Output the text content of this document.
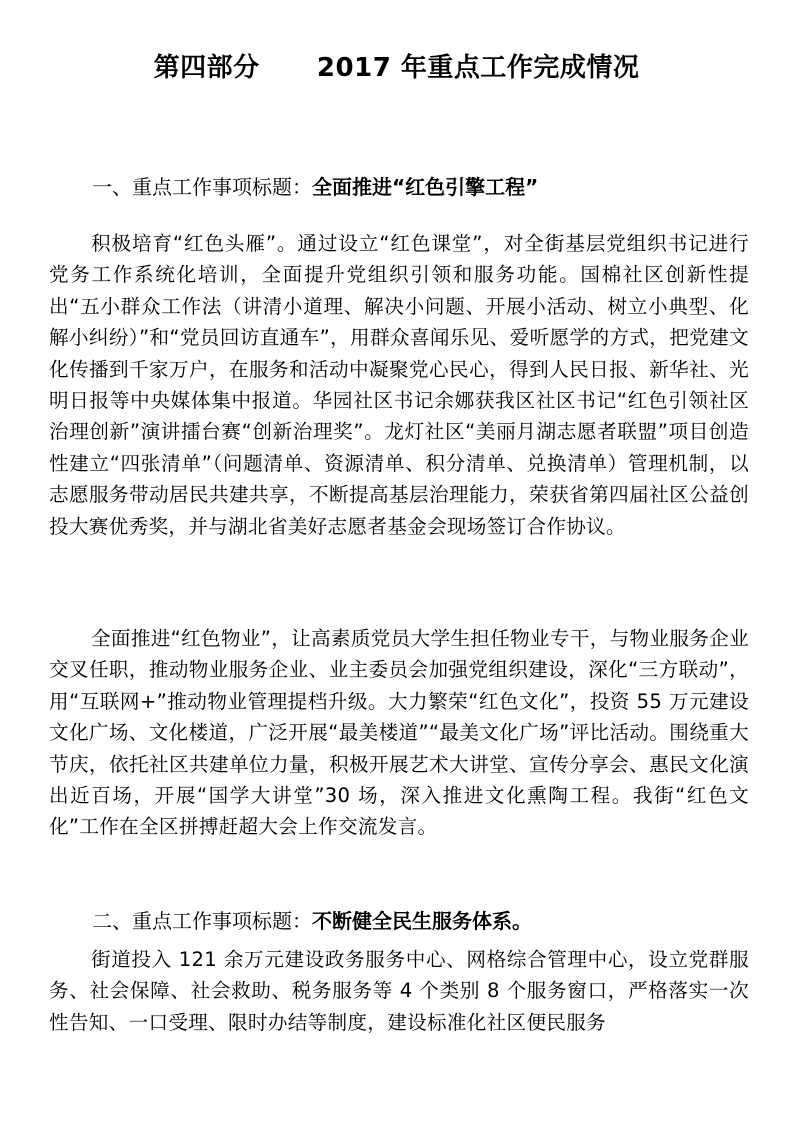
第四部分      2017 年重点工作完成情况
一、重点工作事项标题：全面推进“红色引擎工程”

积极培育“红色头雁”。通过设立“红色课堂”，对全街基层党组织书记进行党务工作系统化培训，全面提升党组织引领和服务功能。国棉社区创新性提出“五小群众工作法（讲清小道理、解决小问题、开展小活动、树立小典型、化解小纠纷）”和“党员回访直通车”，用群众喜闻乐见、爱听愿学的方式，把党建文化传播到千家万户，在服务和活动中凝聚党心民心，得到人民日报、新华社、光明日报等中央媒体集中报道。华园社区书记余娜获我区社区书记“红色引领社区治理创新”演讲擂台赛“创新治理奖”。龙灯社区“美丽月湖志愿者联盟”项目创造性建立“四张清单”（问题清单、资源清单、积分清单、兑换清单）管理机制，以志愿服务带动居民共建共享，不断提高基层治理能力，荣获省第四届社区公益创投大赛优秀奖，并与湖北省美好志愿者基金会现场签订合作协议。

全面推进“红色物业”，让高素质党员大学生担任物业专干，与物业服务企业交叉任职，推动物业服务企业、业主委员会加强党组织建设，深化“三方联动”，用“互联网+”推动物业管理提档升级。大力繁荣“红色文化”，投资 55 万元建设文化广场、文化楼道，广泛开展“最美楼道”“最美文化广场”评比活动。围绕重大节庆，依托社区共建单位力量，积极开展艺术大讲堂、宣传分享会、惠民文化演出近百场，开展“国学大讲堂”30 场，深入推进文化熏陶工程。我街“红色文化”工作在全区拼搏赶超大会上作交流发言。

二、重点工作事项标题：不断健全民生服务体系。

街道投入 121 余万元建设政务服务中心、网格综合管理中心，设立党群服务、社会保障、社会救助、税务服务等 4 个类别 8 个服务窗口，严格落实一次性告知、一口受理、限时办结等制度，建设标准化社区便民服务
